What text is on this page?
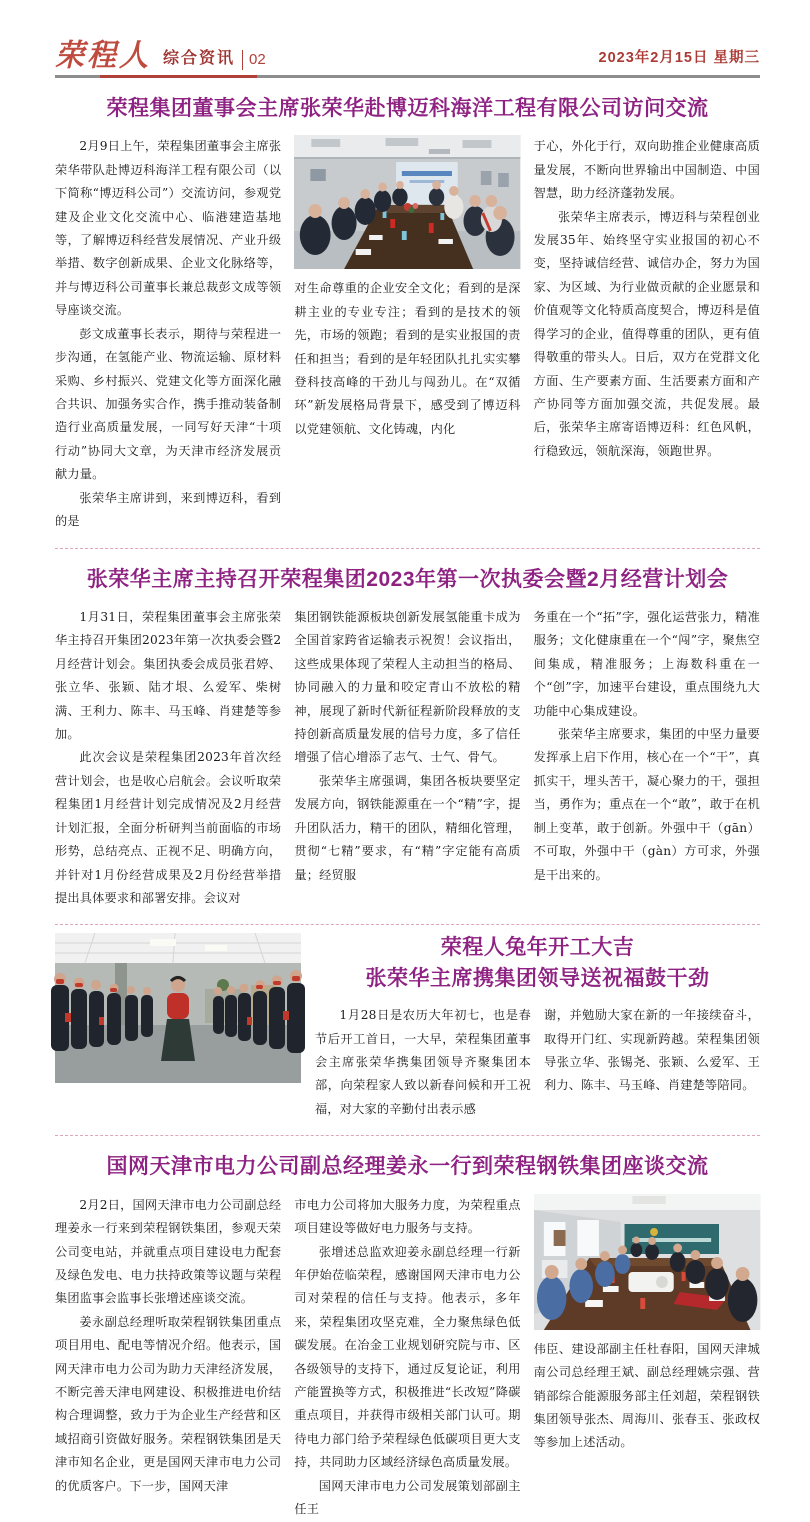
荣程人 综合资讯 02	2023年2月15日 星期三
荣程集团董事会主席张荣华赴博迈科海洋工程有限公司访问交流

2月9日上午，荣程集团董事会主席张荣华带队赴博迈科海洋工程有限公司（以下简称“博迈科公司”）交流访问，参观党建及企业文化交流中心、临港建造基地等，了解博迈科经营发展情况、产业升级举措、数字创新成果、企业文化脉络等，并与博迈科公司董事长兼总裁彭文成等领导座谈交流。

彭文成董事长表示，期待与荣程进一步沟通，在氢能产业、物流运输、原材料采购、乡村振兴、党建文化等方面深化融合共识、加强务实合作，携手推动装备制造行业高质量发展，一同写好天津“十项行动”协同大文章，为天津市经济发展贡献力量。

张荣华主席讲到，来到博迈科，看到的是

对生命尊重的企业安全文化；看到的是深耕主业的专业专注；看到的是技术的领先，市场的领跑；看到的是实业报国的责任和担当；看到的是年轻团队扎扎实实攀登科技高峰的干劲儿与闯劲儿。在“双循环”新发展格局背景下，感受到了博迈科以党建领航、文化铸魂，内化

于心，外化于行，双向助推企业健康高质量发展，不断向世界输出中国制造、中国智慧，助力经济蓬勃发展。

张荣华主席表示，博迈科与荣程创业发展35年、始终坚守实业报国的初心不变，坚持诚信经营、诚信办企，努力为国家、为区域、为行业做贡献的企业愿景和价值观等文化特质高度契合，博迈科是值得学习的企业，值得尊重的团队，更有值得敬重的带头人。日后，双方在党群文化方面、生产要素方面、生活要素方面和产产协同等方面加强交流，共促发展。最后，张荣华主席寄语博迈科：红色风帆，行稳致远，领航深海，领跑世界。

张荣华主席主持召开荣程集团2023年第一次执委会暨2月经营计划会

1月31日，荣程集团董事会主席张荣华主持召开集团2023年第一次执委会暨2月经营计划会。集团执委会成员张君婷、张立华、张颖、陆才垠、么爱军、柴树满、王利力、陈丰、马玉峰、肖建楚等参加。

此次会议是荣程集团2023年首次经营计划会，也是收心启航会。会议听取荣程集团1月经营计划完成情况及2月经营计划汇报，全面分析研判当前面临的市场形势，总结亮点、正视不足、明确方向，并针对1月份经营成果及2月份经营举措提出具体要求和部署安排。会议对

集团钢铁能源板块创新发展氢能重卡成为全国首家跨省运输表示祝贺！会议指出，这些成果体现了荣程人主动担当的格局、协同融入的力量和咬定青山不放松的精神，展现了新时代新征程新阶段释放的支持创新高质量发展的信号力度，多了信任增强了信心增添了志气、士气、骨气。

张荣华主席强调，集团各板块要坚定发展方向，钢铁能源重在一个“精”字，提升团队活力，精干的团队，精细化管理，贯彻“七精”要求，有“精”字定能有高质量；经贸服

务重在一个“拓”字，强化运营张力，精准服务；文化健康重在一个“闯”字，聚焦空间集成，精准服务；上海数科重在一个“创”字，加速平台建设，重点围绕九大功能中心集成建设。

张荣华主席要求，集团的中坚力量要发挥承上启下作用，核心在一个“干”，真抓实干，埋头苦干，凝心聚力的干，强担当，勇作为；重点在一个“敢”，敢于在机制上变革，敢于创新。外强中干（gān）不可取，外强中干（gàn）方可求，外强是干出来的。

荣程人兔年开工大吉
张荣华主席携集团领导送祝福鼓干劲

1月28日是农历大年初七，也是春节后开工首日，一大早，荣程集团董事会主席张荣华携集团领导齐聚集团本部，向荣程家人致以新春问候和开工祝福，对大家的辛勤付出表示感

谢，并勉励大家在新的一年接续奋斗，取得开门红、实现新跨越。荣程集团领导张立华、张锡尧、张颖、么爱军、王利力、陈丰、马玉峰、肖建楚等陪同。

国网天津市电力公司副总经理姜永一行到荣程钢铁集团座谈交流

2月2日，国网天津市电力公司副总经理姜永一行来到荣程钢铁集团，参观天荣公司变电站，并就重点项目建设电力配套及绿色发电、电力扶持政策等议题与荣程集团监事会监事长张增述座谈交流。

姜永副总经理听取荣程钢铁集团重点项目用电、配电等情况介绍。他表示，国网天津市电力公司为助力天津经济发展，不断完善天津电网建设、积极推进电价结构合理调整，致力于为企业生产经营和区域招商引资做好服务。荣程钢铁集团是天津市知名企业，更是国网天津市电力公司的优质客户。下一步，国网天津

市电力公司将加大服务力度，为荣程重点项目建设等做好电力服务与支持。

张增述总监欢迎姜永副总经理一行新年伊始莅临荣程，感谢国网天津市电力公司对荣程的信任与支持。他表示，多年来，荣程集团攻坚克难，全力聚焦绿色低碳发展。在冶金工业规划研究院与市、区各级领导的支持下，通过反复论证，利用产能置换等方式，积极推进“长改短”降碳重点项目，并获得市级相关部门认可。期待电力部门给予荣程绿色低碳项目更大支持，共同助力区域经济绿色高质量发展。

国网天津市电力公司发展策划部副主任王

伟臣、建设部副主任杜春阳，国网天津城南公司总经理王斌、副总经理姚宗强、营销部综合能源服务部主任刘超，荣程钢铁集团领导张杰、周海川、张春玉、张政权等参加上述活动。
